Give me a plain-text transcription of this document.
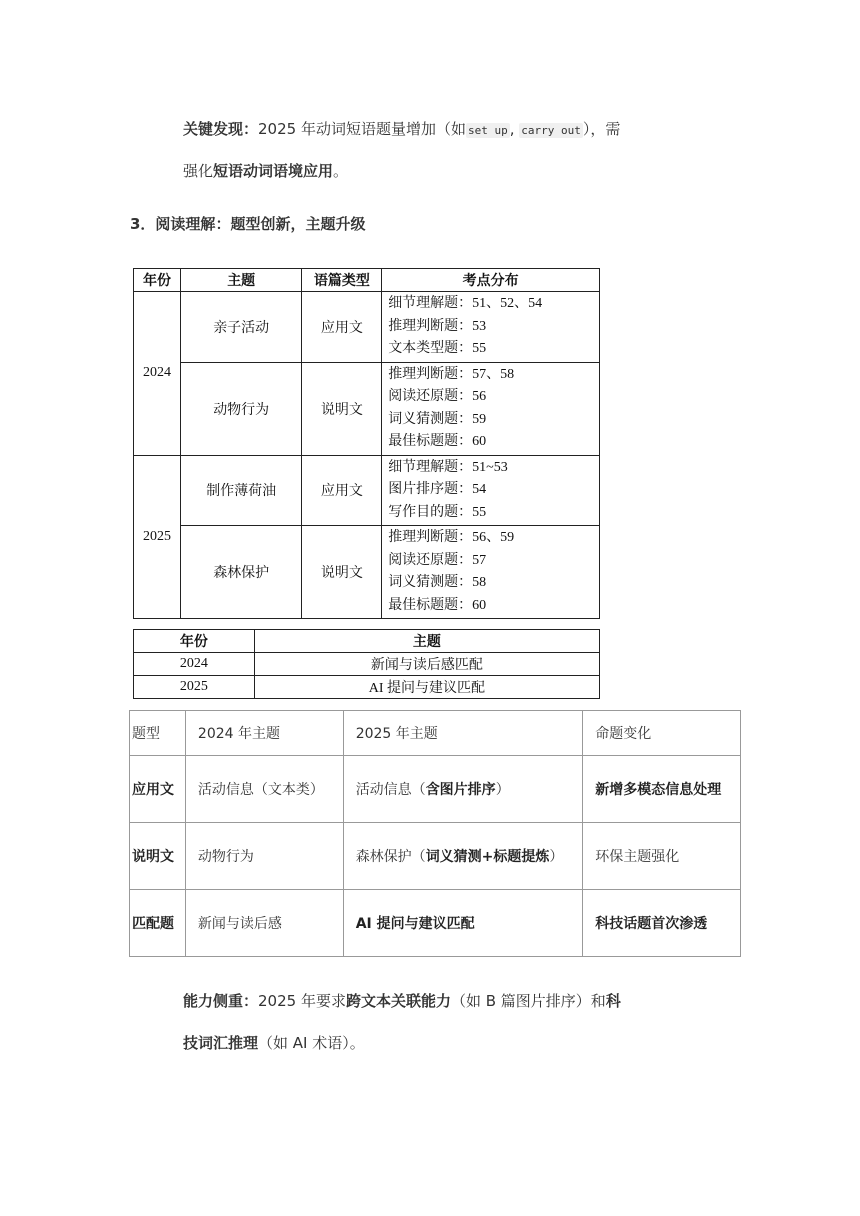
关键发现：2025 年动词短语题量增加（如 set up , carry out ），需
强化短语动词语境应用。
3．阅读理解：题型创新，主题升级
年份	主题	语篇类型	考点分布
2024	亲子活动	应用文	细节理解题：51、52、54
推理判断题：53
文本类型题：55

	动物行为	说明文	推理判断题：57、58
阅读还原题：56
词义猜测题：59
最佳标题题：60

2025	制作薄荷油	应用文	细节理解题：51~53
图片排序题：54
写作目的题：55

	森林保护	说明文	推理判断题：56、59
阅读还原题：57
词义猜测题：58
最佳标题题：60
年份	主题
2024	新闻与读后感匹配
2025	AI 提问与建议匹配
题型	2024 年主题	2025 年主题	命题变化
应用文	活动信息（文本类）	活动信息（含图片排序）	新增多模态信息处理
说明文	动物行为	森林保护（词义猜测+标题提炼）	环保主题强化
匹配题	新闻与读后感	AI 提问与建议匹配	科技话题首次渗透
能力侧重：2025 年要求跨文本关联能力（如 B 篇图片排序）和科
技词汇推理（如 AI 术语）。
